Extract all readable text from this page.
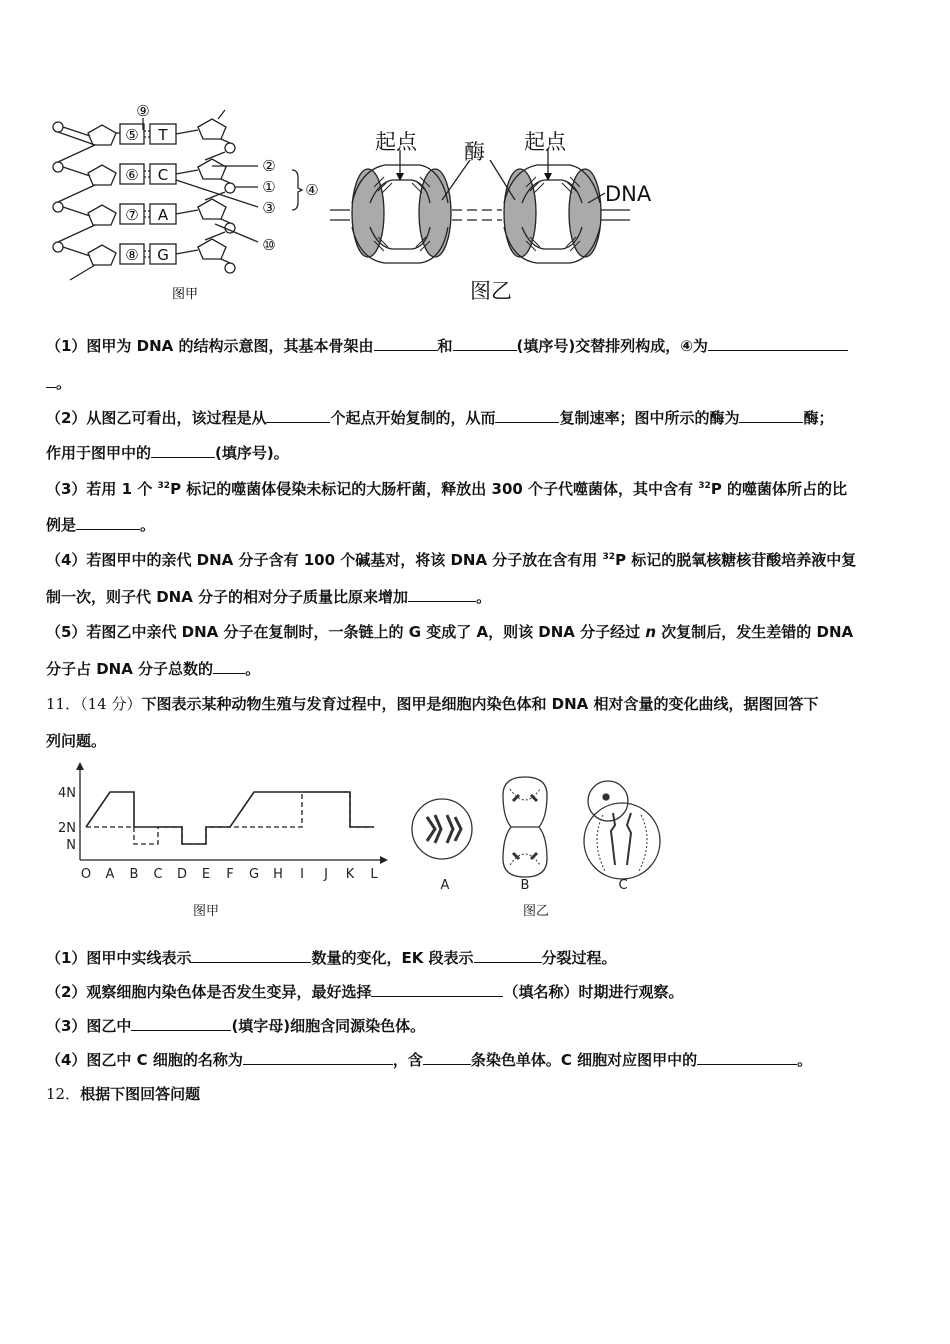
⑨
⑤
⑥
⑦
⑧
T
C
A
G
②
①
③
④
⑩
图甲
起点 酶 起点
DNA
图乙
（1）图甲为 DNA 的结构示意图，其基本骨架由	和	(填序号)交替排列构成，④为
。
（2）从图乙可看出，该过程是从	个起点开始复制的，从而	复制速率；图中所示的酶为	酶；
作用于图甲中的	(填序号)。
（3）若用 1 个 $^{32}$P 标记的噬菌体侵染未标记的大肠杆菌，释放出 300 个子代噬菌体，其中含有 $^{32}$P 的噬菌体所占的比
例是	。
（4）若图甲中的亲代 DNA 分子含有 100 个碱基对，将该 DNA 分子放在含有用 $^{32}$P 标记的脱氧核糖核苷酸培养液中复
制一次，则子代 DNA 分子的相对分子质量比原来增加	。
（5）若图乙中亲代 DNA 分子在复制时，一条链上的 G 变成了 A，则该 DNA 分子经过 n 次复制后，发生差错的 DNA
分子占 DNA 分子总数的 。
11．（14 分）下图表示某种动物生殖与发育过程中，图甲是细胞内染色体和 DNA 相对含量的变化曲线，据图回答下
列问题。
O A B C D E F G H I J K L
N
2N
4N
图甲
A	B	C
图乙
（1）图甲中实线表示	数量的变化，EK 段表示	分裂过程。
（2）观察细胞内染色体是否发生变异，最好选择	（填名称）时期进行观察。
（3）图乙中	(填字母)细胞含同源染色体。
（4）图乙中 C 细胞的名称为	，含	条染色单体。C 细胞对应图甲中的	。
12．根据下图回答问题
